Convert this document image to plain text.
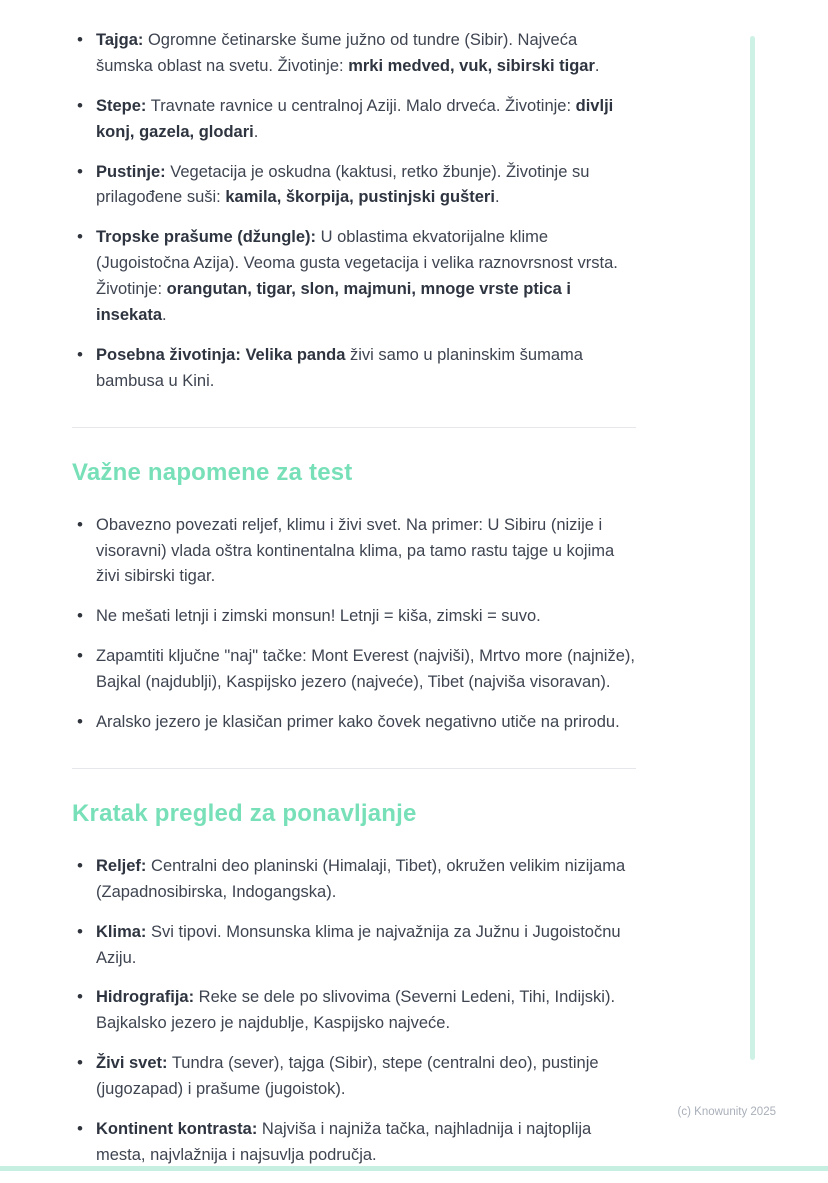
• Tajga: Ogromne četinarske šume južno od tundre (Sibir). Najveća šumska oblast na svetu. Životinje: mrki medved, vuk, sibirski tigar.
• Stepe: Travnate ravnice u centralnoj Aziji. Malo drveća. Životinje: divlji konj, gazela, glodari.
• Pustinje: Vegetacija je oskudna (kaktusi, retko žbunje). Životinje su prilagođene suši: kamila, škorpija, pustinjski gušteri.
• Tropske prašume (džungle): U oblastima ekvatorijalne klime (Jugoistočna Azija). Veoma gusta vegetacija i velika raznovrsnost vrsta. Životinje: orangutan, tigar, slon, majmuni, mnoge vrste ptica i insekata.
• Posebna životinja: Velika panda živi samo u planinskim šumama bambusa u Kini.
Važne napomene za test
• Obavezno povezati reljef, klimu i živi svet. Na primer: U Sibiru (nizije i visoravni) vlada oštra kontinentalna klima, pa tamo rastu tajge u kojima živi sibirski tigar.
• Ne mešati letnji i zimski monsun! Letnji = kiša, zimski = suvo.
• Zapamtiti ključne "naj" tačke: Mont Everest (najviši), Mrtvo more (najniže), Bajkal (najdublji), Kaspijsko jezero (najveće), Tibet (najviša visoravan).
• Aralsko jezero je klasičan primer kako čovek negativno utiče na prirodu.
Kratak pregled za ponavljanje
• Reljef: Centralni deo planinski (Himalaji, Tibet), okružen velikim nizijama (Zapadnosibirska, Indogangska).
• Klima: Svi tipovi. Monsunska klima je najvažnija za Južnu i Jugoistočnu Aziju.
• Hidrografija: Reke se dele po slivovima (Severni Ledeni, Tihi, Indijski). Bajkalsko jezero je najdublje, Kaspijsko najveće.
• Živi svet: Tundra (sever), tajga (Sibir), stepe (centralni deo), pustinje (jugozapad) i prašume (jugoistok).
• Kontinent kontrasta: Najviša i najniža tačka, najhladnija i najtoplija mesta, najvlažnija i najsuvlja područja.
(c) Knowunity 2025
